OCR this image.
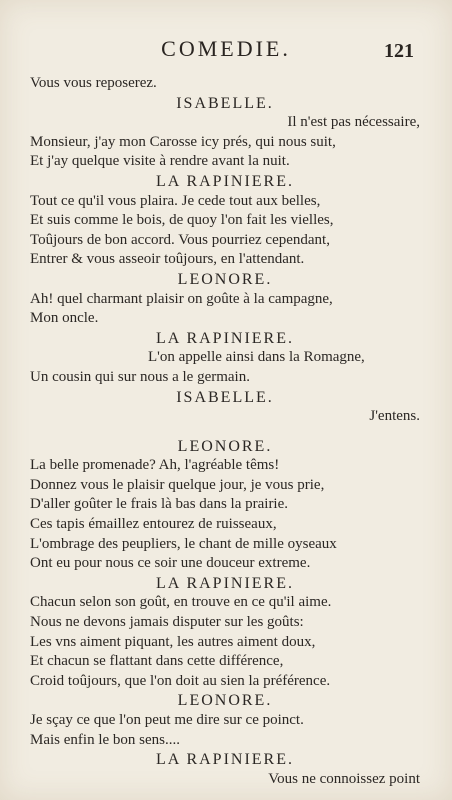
COMEDIE.	121
Vous vous reposerez.
ISABELLE.
Il n'est pas nécessaire,
Monsieur, j'ay mon Carosse icy prés, qui nous suit,
Et j'ay quelque visite à rendre avant la nuit.
LA RAPINIERE.
Tout ce qu'il vous plaira. Je cede tout aux belles,
Et suis comme le bois, de quoy l'on fait les vielles,
Toûjours de bon accord. Vous pourriez cependant,
Entrer & vous asseoir toûjours, en l'attendant.
LEONORE.
Ah! quel charmant plaisir on goûte à la campagne,
Mon oncle.
LA RAPINIERE.
L'on appelle ainsi dans la Romagne,
Un cousin qui sur nous a le germain.
ISABELLE.
J'entens.
LEONORE.
La belle promenade? Ah, l'agréable têms!
Donnez vous le plaisir quelque jour, je vous prie,
D'aller goûter le frais là bas dans la prairie.
Ces tapis émaillez entourez de ruisseaux,
L'ombrage des peupliers, le chant de mille oyseaux
Ont eu pour nous ce soir une douceur extreme.
LA RAPINIERE.
Chacun selon son goût, en trouve en ce qu'il aime.
Nous ne devons jamais disputer sur les goûts:
Les vns aiment piquant, les autres aiment doux,
Et chacun se flattant dans cette différence,
Croid toûjours, que l'on doit au sien la préférence.
LEONORE.
Je sçay ce que l'on peut me dire sur ce poinct.
Mais enfin le bon sens....
LA RAPINIERE.
Vous ne connoissez point
